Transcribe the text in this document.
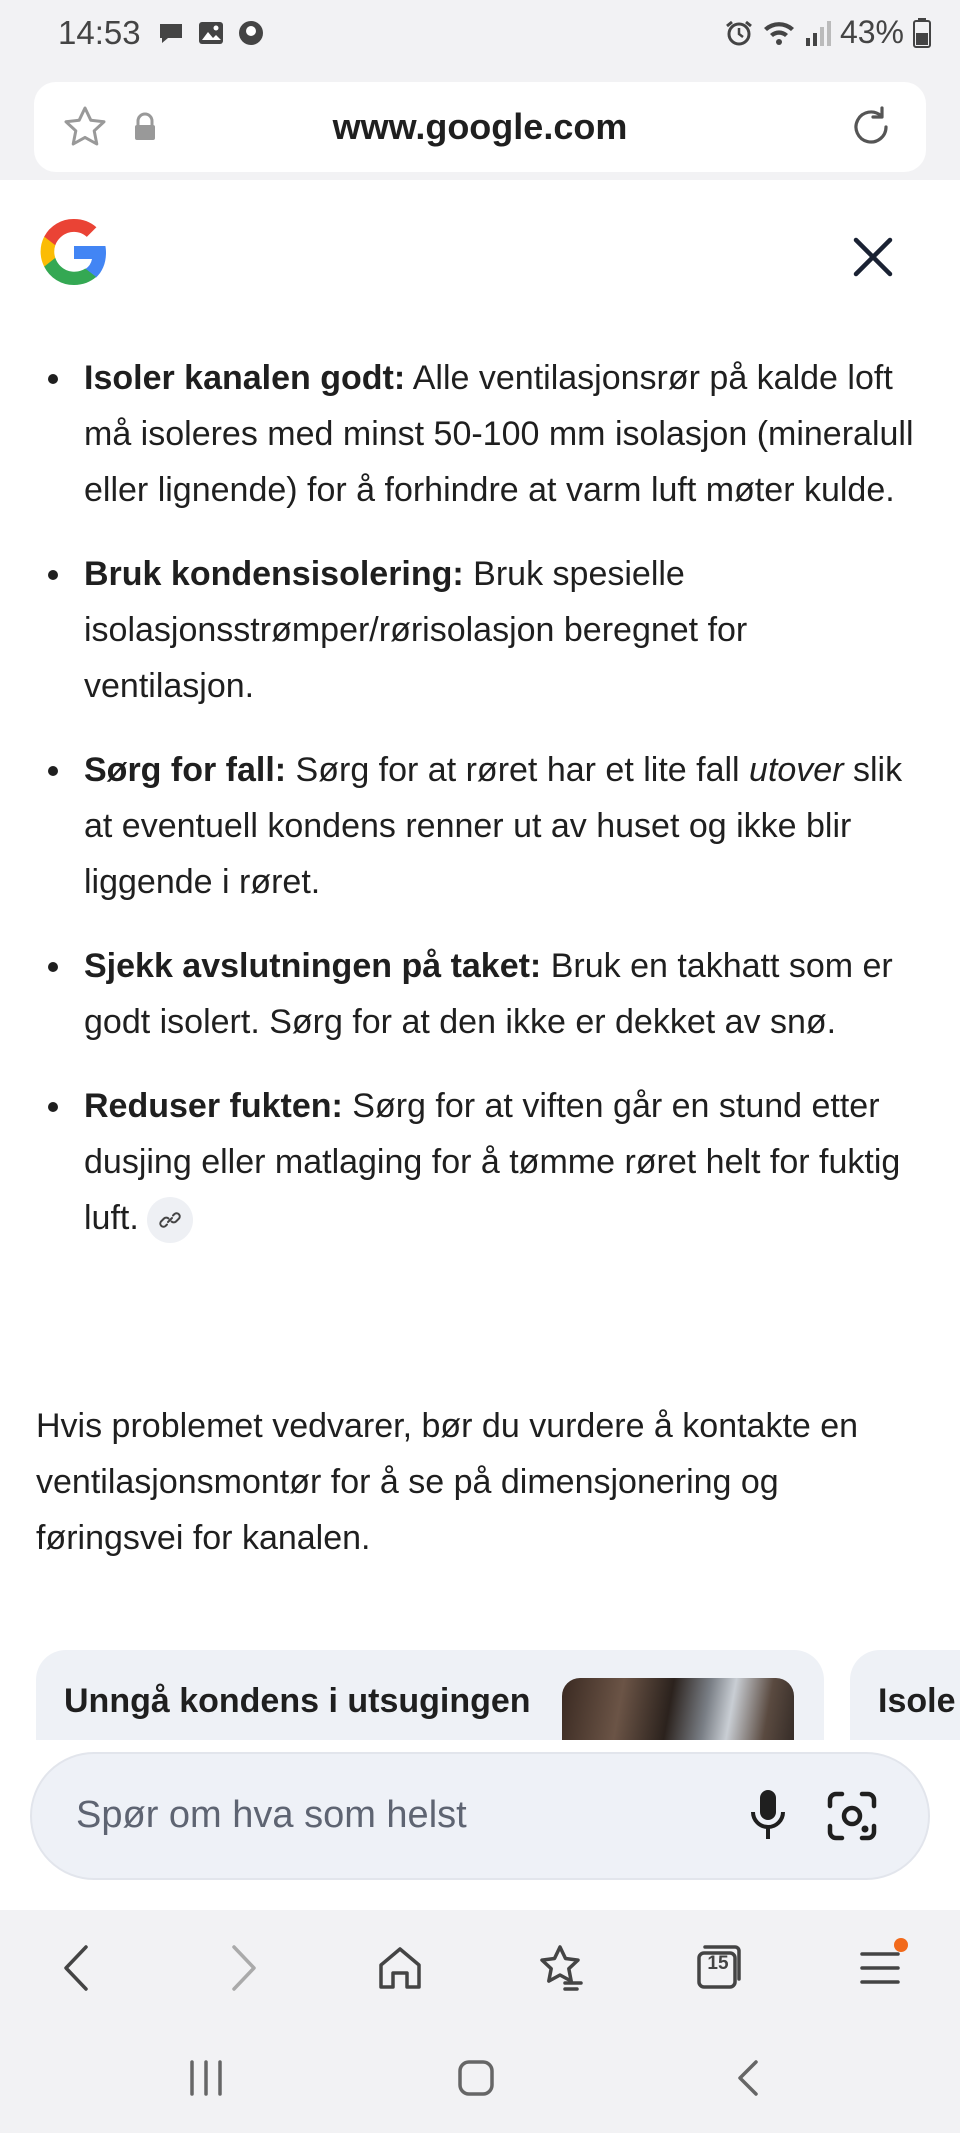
14:53	43%
www.google.com
Isoler kanalen godt: Alle ventilasjonsrør på kalde loft må isoleres med minst 50-100 mm isolasjon (mineralull eller lignende) for å forhindre at varm luft møter kulde.
Bruk kondensisolering: Bruk spesielle isolasjonsstrømper/rørisolasjon beregnet for ventilasjon.
Sørg for fall: Sørg for at røret har et lite fall utover slik at eventuell kondens renner ut av huset og ikke blir liggende i røret.
Sjekk avslutningen på taket: Bruk en takhatt som er godt isolert. Sørg for at den ikke er dekket av snø.
Reduser fukten: Sørg for at viften går en stund etter dusjing eller matlaging for å tømme røret helt for fuktig luft.

Hvis problemet vedvarer, bør du vurdere å kontakte en ventilasjonsmontør for å se på dimensjonering og føringsvei for kanalen.

Unngå kondens i utsugingen	Isole
Spør om hva som helst
15
